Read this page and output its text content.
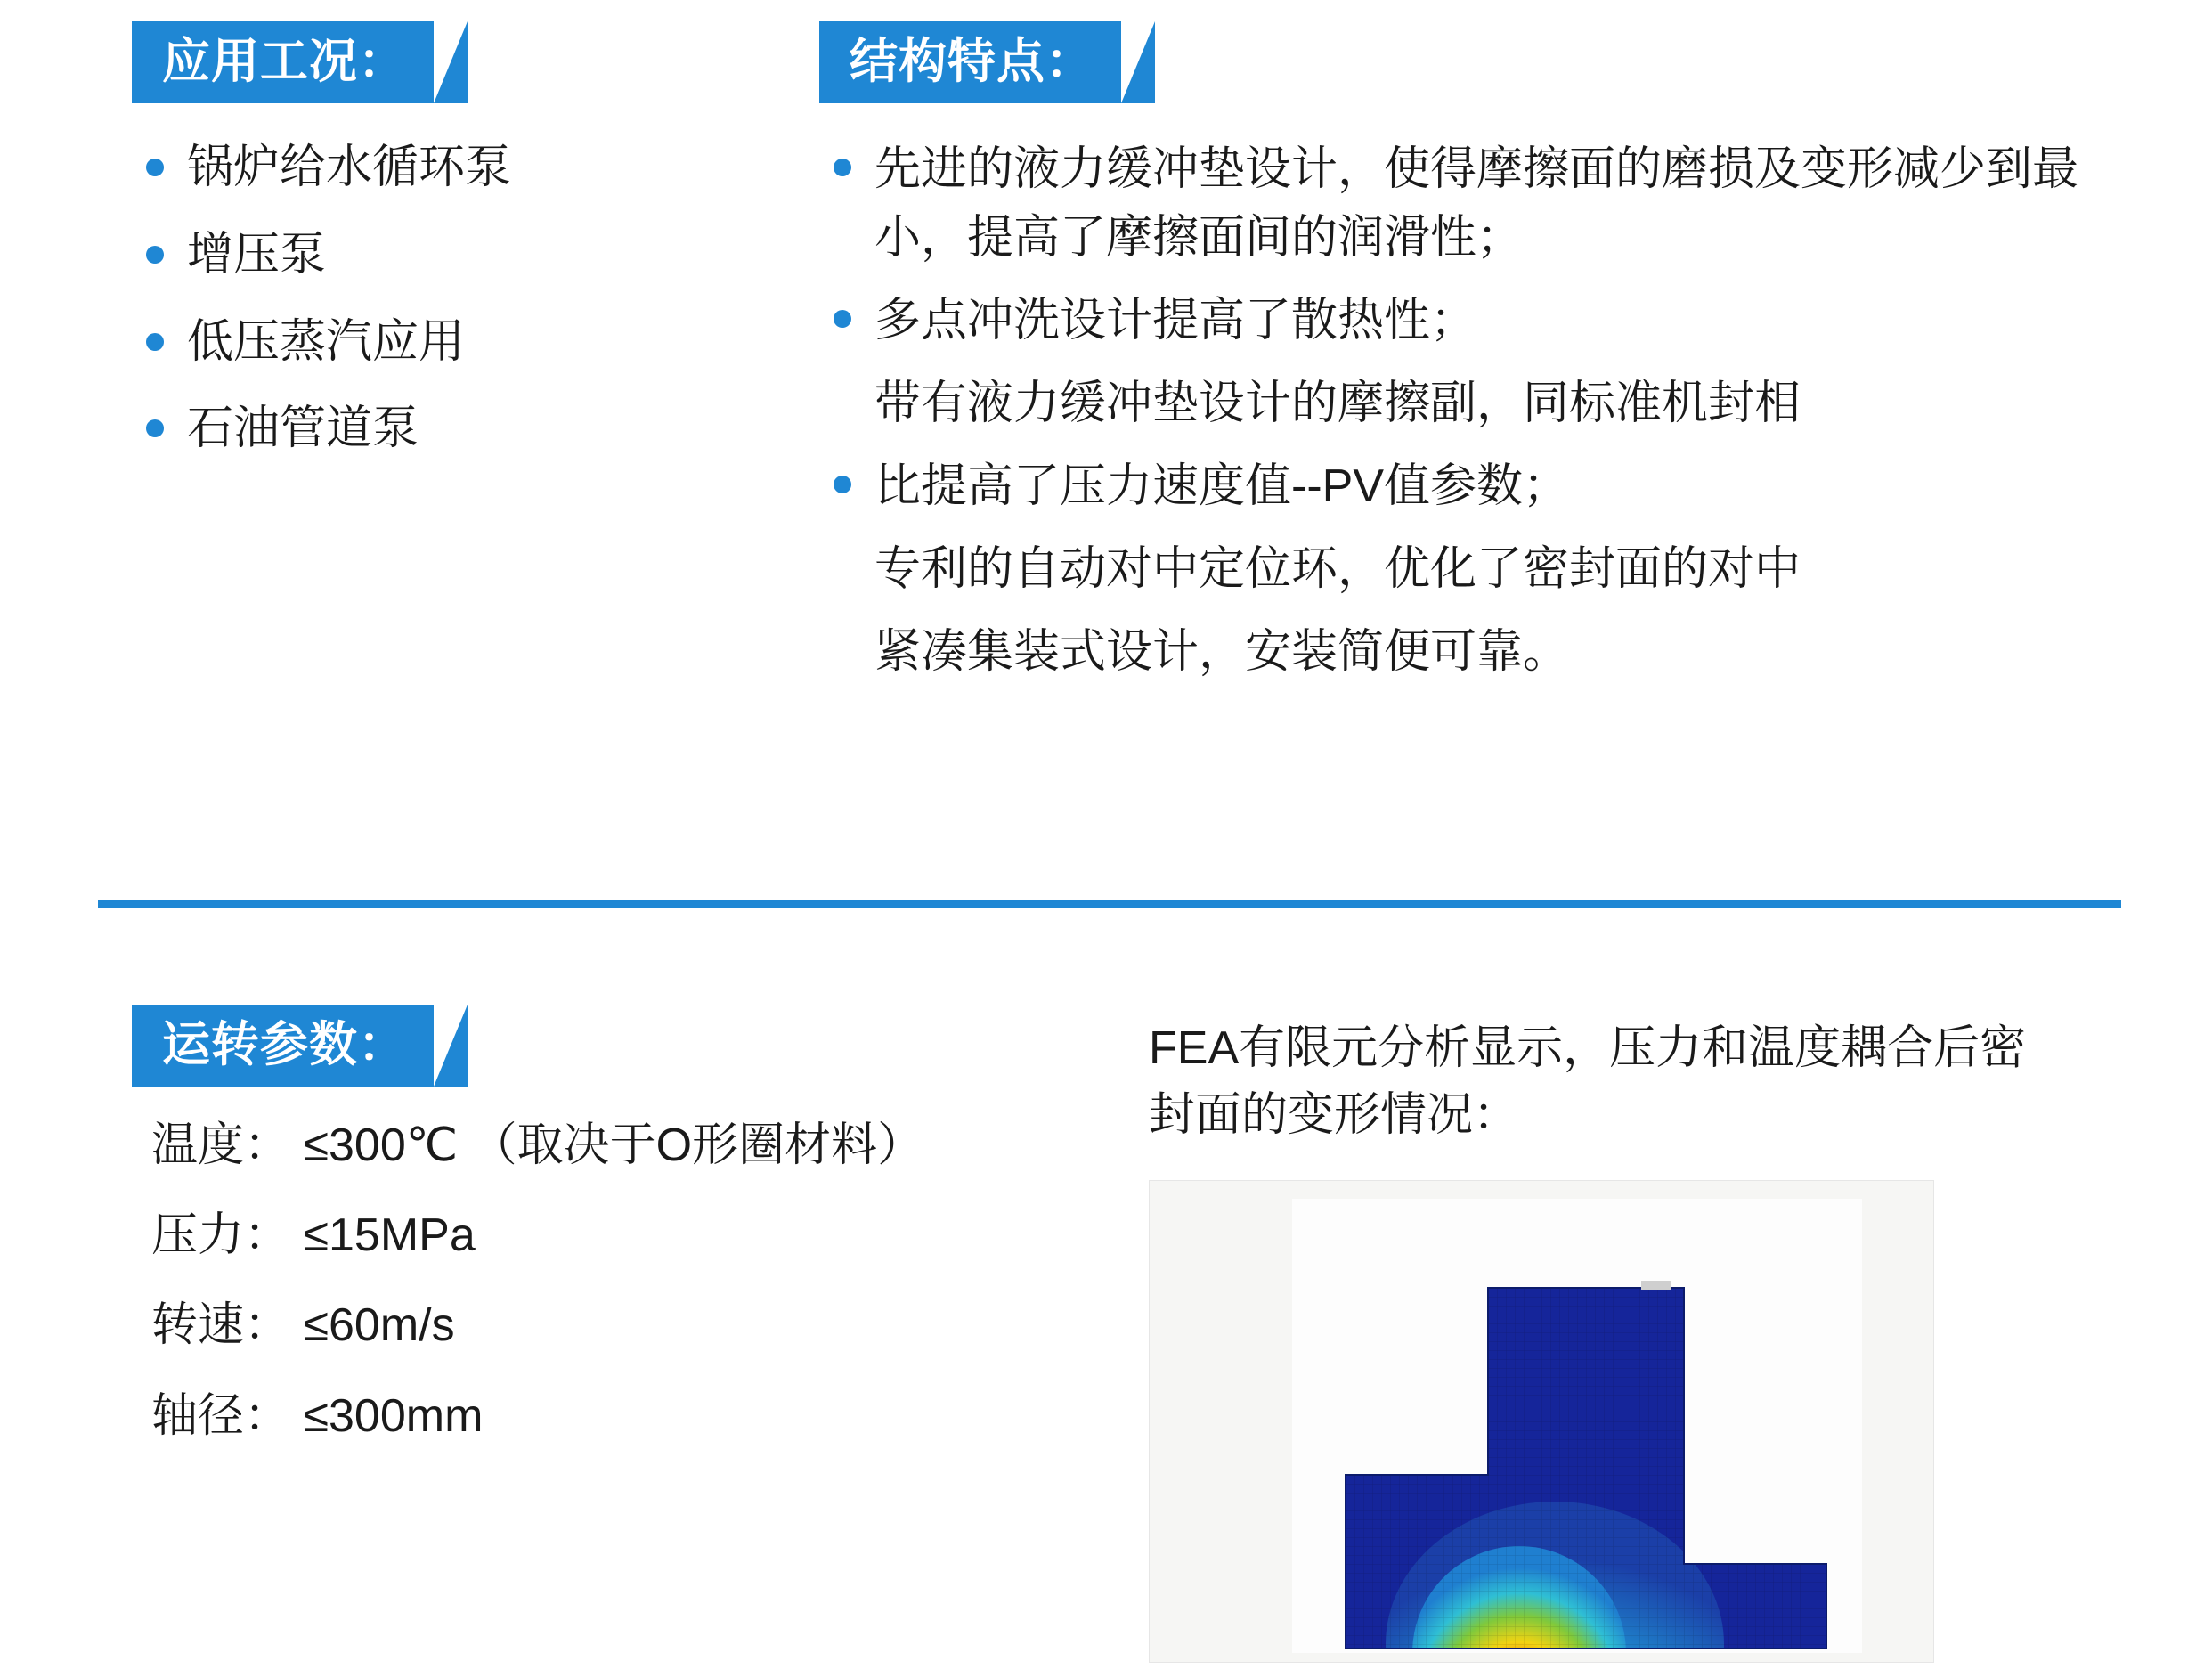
应用工况：
锅炉给水循环泵
增压泵
低压蒸汽应用
石油管道泵
结构特点：
先进的液力缓冲垫设计，使得摩擦面的磨损及变形减少到最小，提高了摩擦面间的润滑性；
多点冲洗设计提高了散热性；

带有液力缓冲垫设计的摩擦副，同标准机封相

比提高了压力速度值--PV值参数；

专利的自动对中定位环，优化了密封面的对中

紧凑集装式设计，安装简便可靠。

运转参数：
温度： ≤300℃ （取决于O形圈材料）
压力： ≤15MPa
转速： ≤60m/s
轴径： ≤300mm

FEA有限元分析显示，压力和温度耦合后密封面的变形情况：
